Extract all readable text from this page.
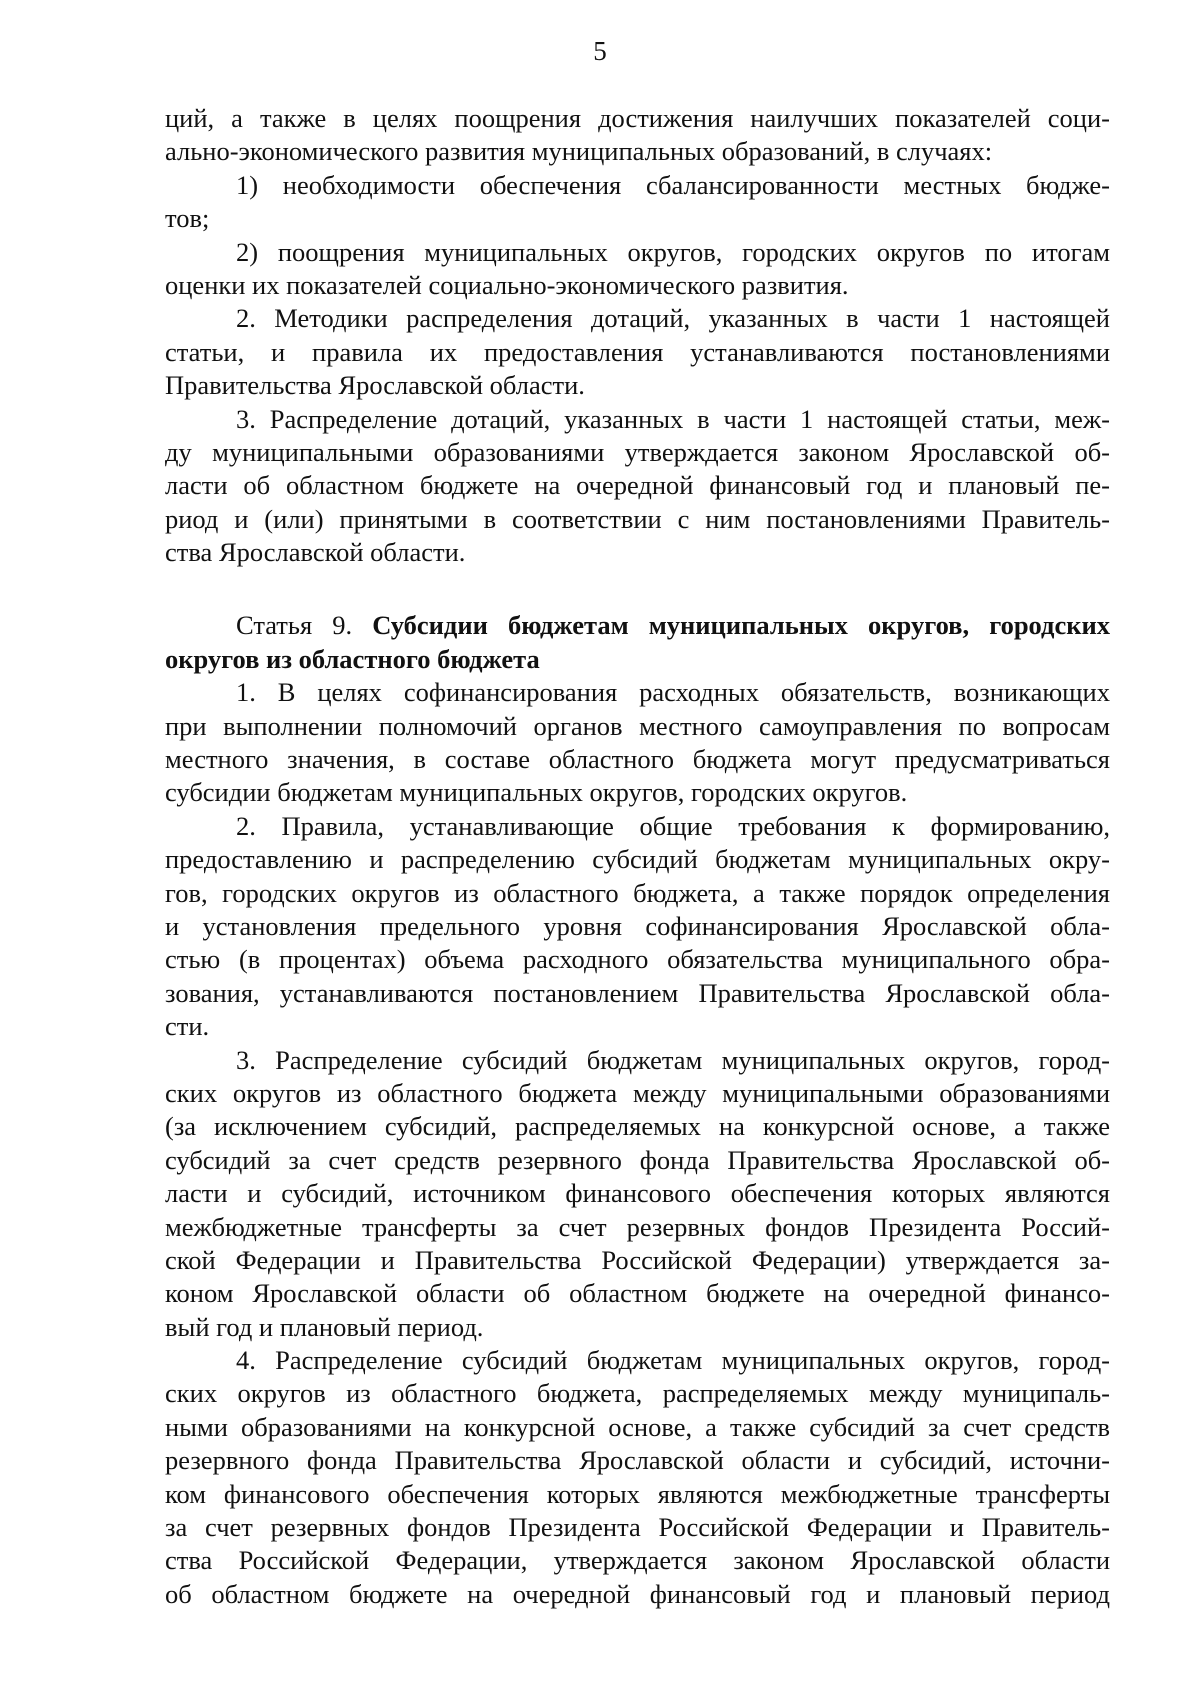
5
ций, а также в целях поощрения достижения наилучших показателей соци-
ально-экономического развития муниципальных образований, в случаях:
1) необходимости обеспечения сбалансированности местных бюдже-
тов;
2) поощрения муниципальных округов, городских округов по итогам
оценки их показателей социально-экономического развития.
2. Методики распределения дотаций, указанных в части 1 настоящей
статьи, и правила их предоставления устанавливаются постановлениями
Правительства Ярославской области.
3. Распределение дотаций, указанных в части 1 настоящей статьи, меж-
ду муниципальными образованиями утверждается законом Ярославской об-
ласти об областном бюджете на очередной финансовый год и плановый пе-
риод и (или) принятыми в соответствии с ним постановлениями Правитель-
ства Ярославской области.
Статья 9. Субсидии бюджетам муниципальных округов, городских
округов из областного бюджета
1. В целях софинансирования расходных обязательств, возникающих
при выполнении полномочий органов местного самоуправления по вопросам
местного значения, в составе областного бюджета могут предусматриваться
субсидии бюджетам муниципальных округов, городских округов.
2. Правила, устанавливающие общие требования к формированию,
предоставлению и распределению субсидий бюджетам муниципальных окру-
гов, городских округов из областного бюджета, а также порядок определения
и установления предельного уровня софинансирования Ярославской обла-
стью (в процентах) объема расходного обязательства муниципального обра-
зования, устанавливаются постановлением Правительства Ярославской обла-
сти.
3. Распределение субсидий бюджетам муниципальных округов, город-
ских округов из областного бюджета между муниципальными образованиями
(за исключением субсидий, распределяемых на конкурсной основе, а также
субсидий за счет средств резервного фонда Правительства Ярославской об-
ласти и субсидий, источником финансового обеспечения которых являются
межбюджетные трансферты за счет резервных фондов Президента Россий-
ской Федерации и Правительства Российской Федерации) утверждается за-
коном Ярославской области об областном бюджете на очередной финансо-
вый год и плановый период.
4. Распределение субсидий бюджетам муниципальных округов, город-
ских округов из областного бюджета, распределяемых между муниципаль-
ными образованиями на конкурсной основе, а также субсидий за счет средств
резервного фонда Правительства Ярославской области и субсидий, источни-
ком финансового обеспечения которых являются межбюджетные трансферты
за счет резервных фондов Президента Российской Федерации и Правитель-
ства Российской Федерации, утверждается законом Ярославской области
об областном бюджете на очередной финансовый год и плановый период
